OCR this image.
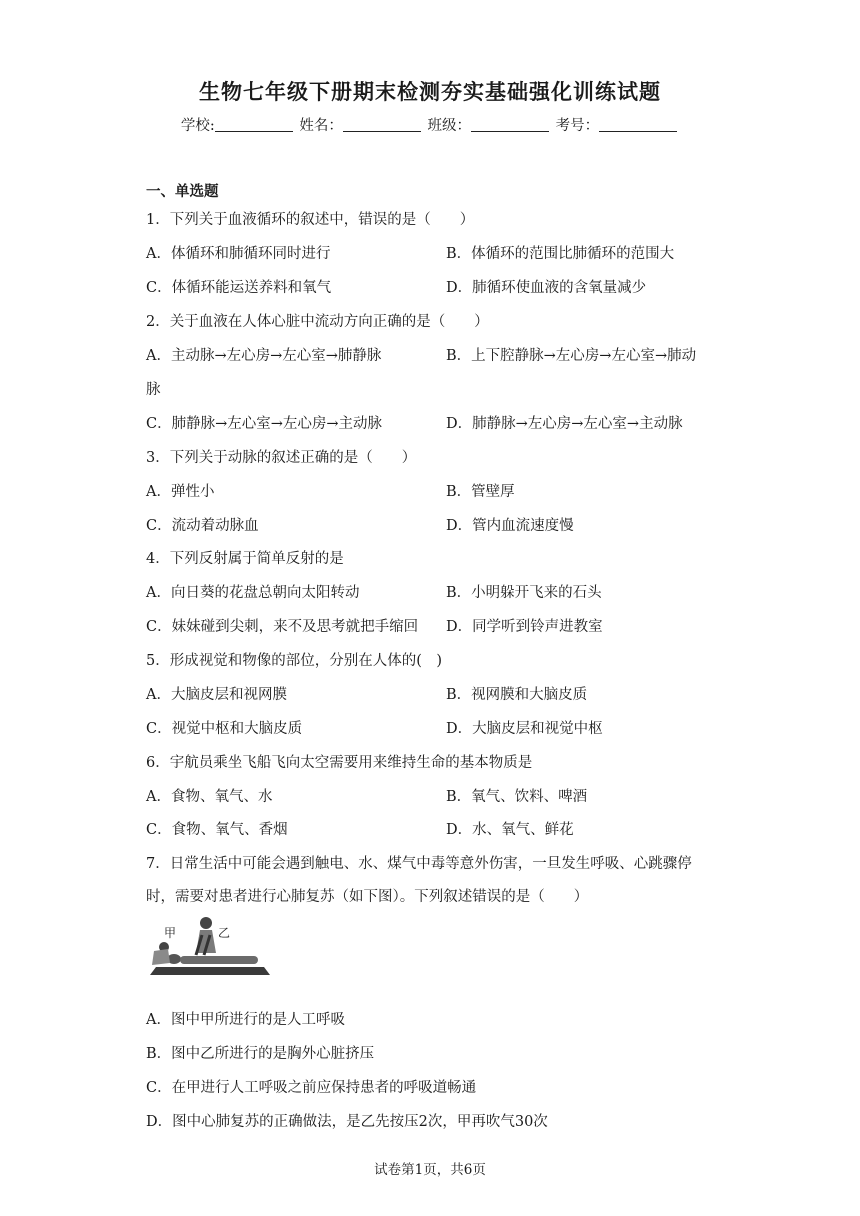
生物七年级下册期末检测夯实基础强化训练试题
学校:	姓名：	班级：	考号：
一、单选题
1．下列关于血液循环的叙述中，错误的是（　　）
A．体循环和肺循环同时进行	B．体循环的范围比肺循环的范围大
C．体循环能运送养料和氧气	D．肺循环使血液的含氧量减少
2．关于血液在人体心脏中流动方向正确的是（　　）
A．主动脉→左心房→左心室→肺静脉	B．上下腔静脉→左心房→左心室→肺动
脉
C．肺静脉→左心室→左心房→主动脉	D．肺静脉→左心房→左心室→主动脉
3．下列关于动脉的叙述正确的是（　　）
A．弹性小	B．管壁厚
C．流动着动脉血	D．管内血流速度慢
4．下列反射属于简单反射的是
A．向日葵的花盘总朝向太阳转动	B．小明躲开飞来的石头
C．妹妹碰到尖刺，来不及思考就把手缩回 D．同学听到铃声进教室
5．形成视觉和物像的部位，分别在人体的(　)
A．大脑皮层和视网膜	B．视网膜和大脑皮质
C．视觉中枢和大脑皮质	D．大脑皮层和视觉中枢
6．宇航员乘坐飞船飞向太空需要用来维持生命的基本物质是
A．食物、氧气、水	B．氧气、饮料、啤酒
C．食物、氧气、香烟	D．水、氧气、鲜花
7．日常生活中可能会遇到触电、水、煤气中毒等意外伤害，一旦发生呼吸、心跳骤停
时，需要对患者进行心肺复苏（如下图）。下列叙述错误的是（　　）
甲	乙
A．图中甲所进行的是人工呼吸
B．图中乙所进行的是胸外心脏挤压
C．在甲进行人工呼吸之前应保持患者的呼吸道畅通
D．图中心肺复苏的正确做法，是乙先按压2次，甲再吹气30次
试卷第1页，共6页
